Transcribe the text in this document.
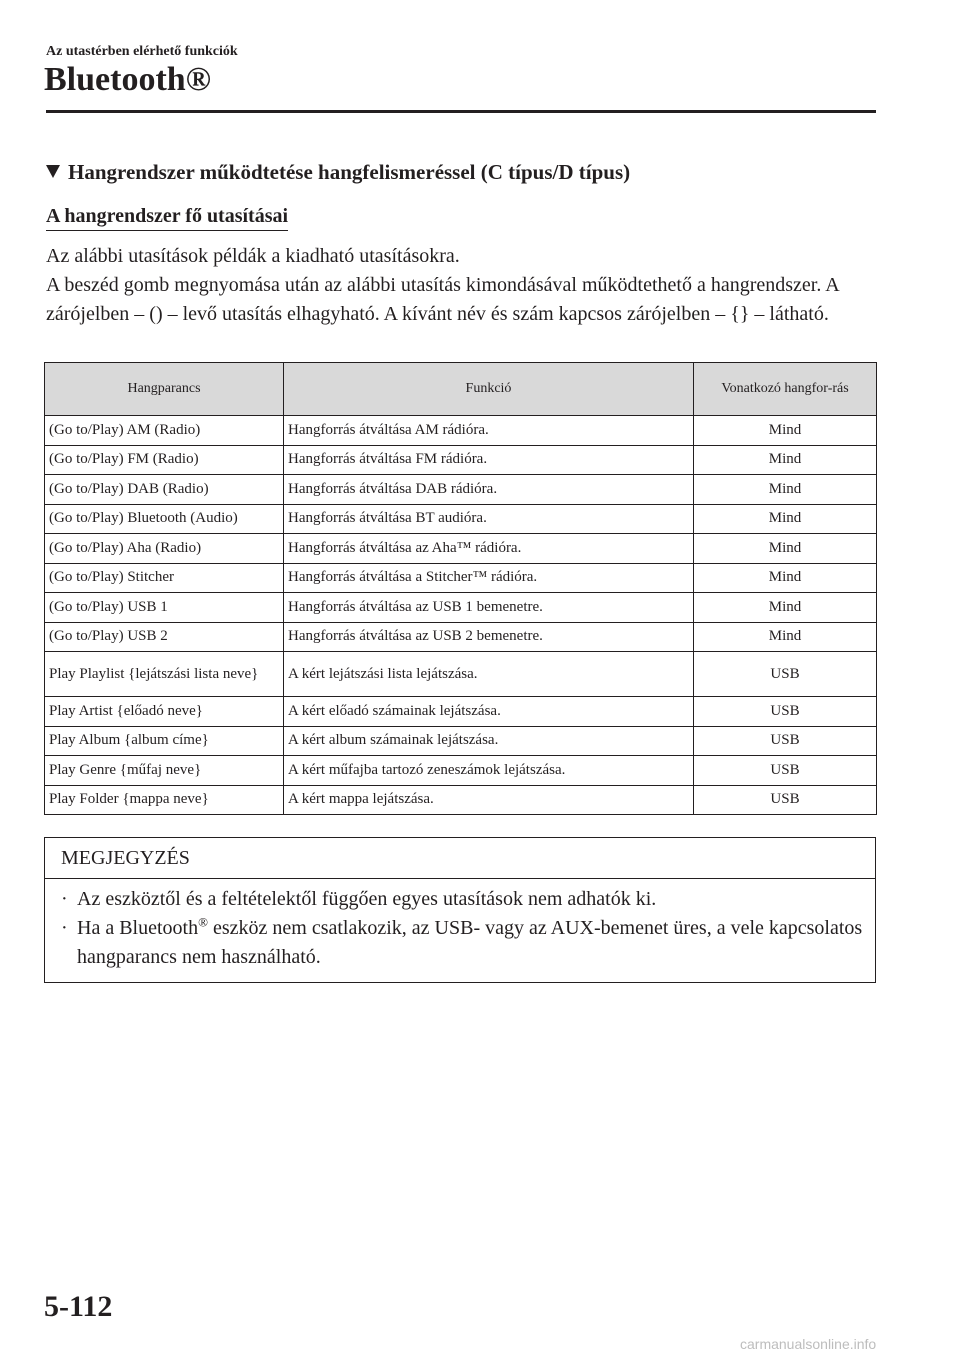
Az utastérben elérhető funkciók
Bluetooth®
Hangrendszer működtetése hangfelismeréssel (C típus/D típus)
A hangrendszer fő utasításai

Az alábbi utasítások példák a kiadható utasításokra.

A beszéd gomb megnyomása után az alábbi utasítás kimondásával működtethető a hangrendszer. A zárójelben – () – levő utasítás elhagyható. A kívánt név és szám kapcsos zárójelben – {} – látható.

Hangparancs	Funkció	Vonatkozó hangfor-rás
(Go to/Play) AM (Radio)	Hangforrás átváltása AM rádióra.	Mind
(Go to/Play) FM (Radio)	Hangforrás átváltása FM rádióra.	Mind
(Go to/Play) DAB (Radio)	Hangforrás átváltása DAB rádióra.	Mind
(Go to/Play) Bluetooth (Audio)	Hangforrás átváltása BT audióra.	Mind
(Go to/Play) Aha (Radio)	Hangforrás átváltása az Aha™ rádióra.	Mind
(Go to/Play) Stitcher	Hangforrás átváltása a Stitcher™ rádióra.	Mind
(Go to/Play) USB 1	Hangforrás átváltása az USB 1 bemenetre.	Mind
(Go to/Play) USB 2	Hangforrás átváltása az USB 2 bemenetre.	Mind
Play Playlist {lejátszási lista neve}	A kért lejátszási lista lejátszása.	USB
Play Artist {előadó neve}	A kért előadó számainak lejátszása.	USB
Play Album {album címe}	A kért album számainak lejátszása.	USB
Play Genre {műfaj neve}	A kért műfajba tartozó zeneszámok lejátszása.	USB
Play Folder {mappa neve}	A kért mappa lejátszása.	USB
MEGJEGYZÉS
· Az eszköztől és a feltételektől függően egyes utasítások nem adhatók ki.
· Ha a Bluetooth® eszköz nem csatlakozik, az USB- vagy az AUX-bemenet üres, a vele kapcsolatos hangparancs nem használható.
5-112
carmanualsonline.info
